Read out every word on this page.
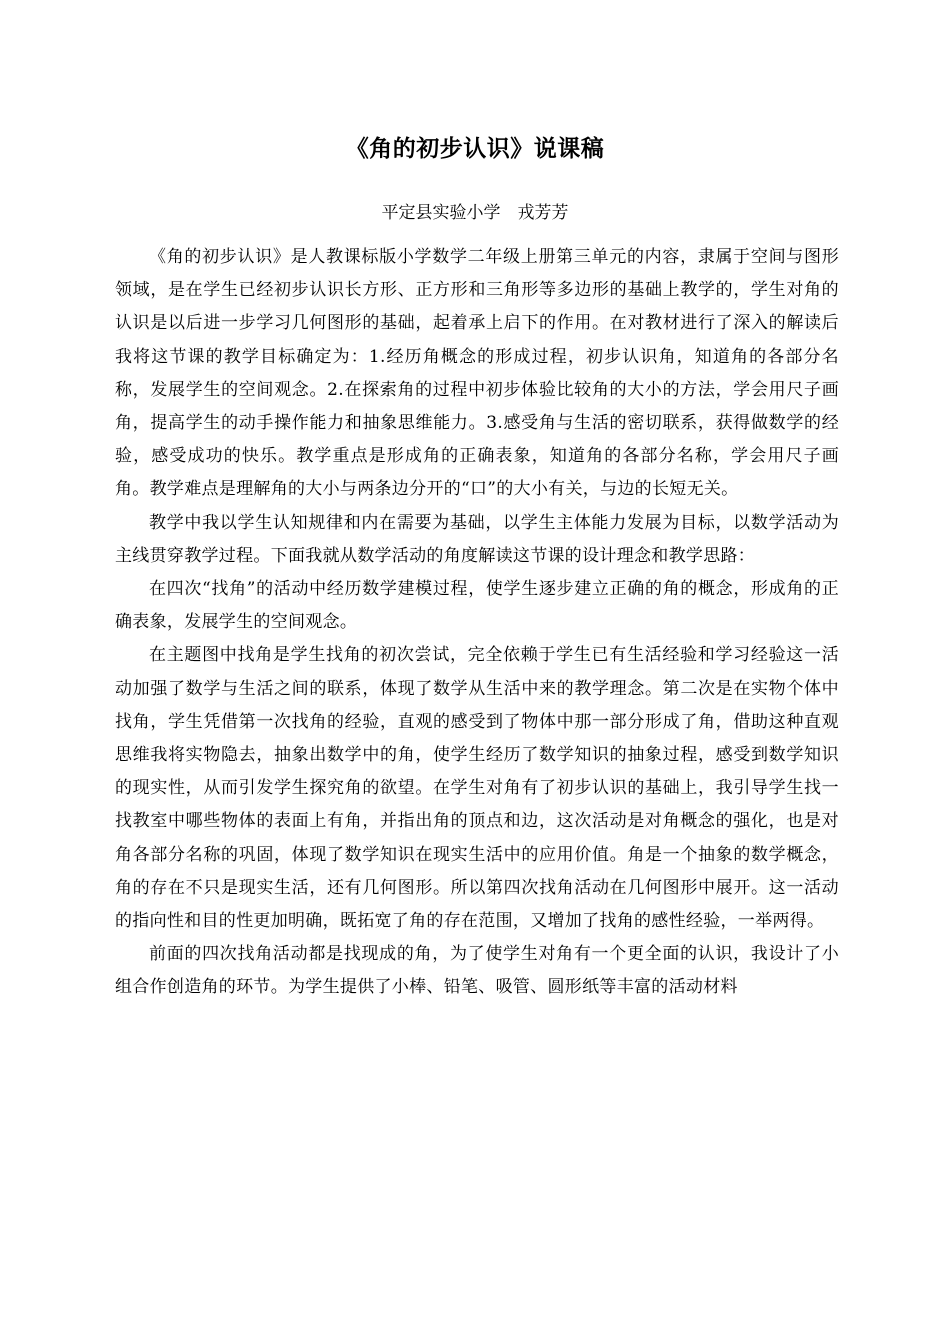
《角的初步认识》说课稿
平定县实验小学　戎芳芳

《角的初步认识》是人教课标版小学数学二年级上册第三单元的内容，隶属于空间与图形领域，是在学生已经初步认识长方形、正方形和三角形等多边形的基础上教学的，学生对角的认识是以后进一步学习几何图形的基础，起着承上启下的作用。在对教材进行了深入的解读后我将这节课的教学目标确定为：1.经历角概念的形成过程，初步认识角，知道角的各部分名称，发展学生的空间观念。2.在探索角的过程中初步体验比较角的大小的方法，学会用尺子画角，提高学生的动手操作能力和抽象思维能力。3.感受角与生活的密切联系，获得做数学的经验，感受成功的快乐。教学重点是形成角的正确表象，知道角的各部分名称，学会用尺子画角。教学难点是理解角的大小与两条边分开的“口”的大小有关，与边的长短无关。

教学中我以学生认知规律和内在需要为基础，以学生主体能力发展为目标，以数学活动为主线贯穿教学过程。下面我就从数学活动的角度解读这节课的设计理念和教学思路：

在四次“找角”的活动中经历数学建模过程，使学生逐步建立正确的角的概念，形成角的正确表象，发展学生的空间观念。

在主题图中找角是学生找角的初次尝试，完全依赖于学生已有生活经验和学习经验这一活动加强了数学与生活之间的联系，体现了数学从生活中来的教学理念。第二次是在实物个体中找角，学生凭借第一次找角的经验，直观的感受到了物体中那一部分形成了角，借助这种直观思维我将实物隐去，抽象出数学中的角，使学生经历了数学知识的抽象过程，感受到数学知识的现实性，从而引发学生探究角的欲望。在学生对角有了初步认识的基础上，我引导学生找一找教室中哪些物体的表面上有角，并指出角的顶点和边，这次活动是对角概念的强化，也是对角各部分名称的巩固，体现了数学知识在现实生活中的应用价值。角是一个抽象的数学概念，角的存在不只是现实生活，还有几何图形。所以第四次找角活动在几何图形中展开。这一活动的指向性和目的性更加明确，既拓宽了角的存在范围，又增加了找角的感性经验，一举两得。

前面的四次找角活动都是找现成的角，为了使学生对角有一个更全面的认识，我设计了小组合作创造角的环节。为学生提供了小棒、铅笔、吸管、圆形纸等丰富的活动材料
